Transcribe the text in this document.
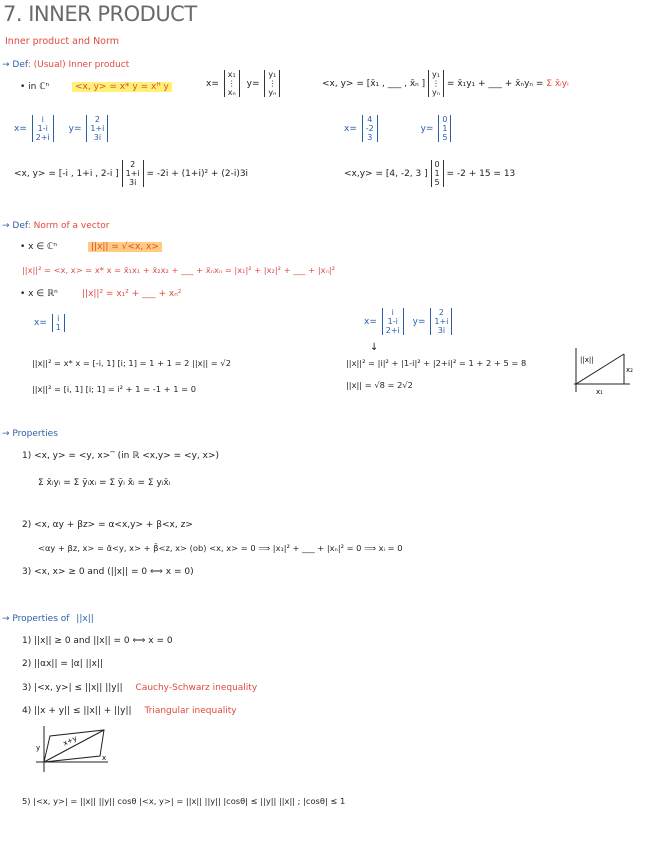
7. INNER PRODUCT
Inner product and Norm
→ Def: (Usual) Inner product
• in ℂⁿ	<x, y> = x* y = xᴴ y	x=
x₁
⋮
xₙ
y=
y₁
⋮
yₙ
<x, y> = [x̄₁ , ___ , x̄ₙ ]
y₁
⋮
yₙ
= x̄₁y₁ + ___ + x̄ₙyₙ = Σ x̄ᵢyᵢ
x=
i
1-i
2+i
y=
2
1+i
3i
x=
4
-2
3
y=
0
1
5
<x, y> = [-i , 1+i , 2-i ]
2
1+i
3i
= -2i + (1+i)² + (2-i)3i	<x,y> = [4, -2, 3 ]
0
1
5
= -2 + 15 = 13
→ Def: Norm of a vector
• x ∈ ℂⁿ	||x|| = √<x, x>
||x||² = <x, x> = x* x = x̄₁x₁ + x̄₂x₂ + ___ + x̄ₙxₙ = |x₁|² + |x₂|² + ___ + |xₙ|²
• x ∈ ℝⁿ	||x||² = x₁² + ___ + xₙ²
x= i
1
||x||² = x* x = [-i, 1] [i; 1] = 1 + 1 = 2 ||x|| = √2
||x||² = [i, 1] [i; 1] = i² + 1 = -1 + 1 = 0
x=
i
1-i
2+i
y=
2
1+i
3i
↓
||x||² = |i|² + |1-i|² + |2+i|² = 1 + 2 + 5 = 8
||x|| = √8 = 2√2
||x||
x₁
x₂
→ Properties
1) <x, y> = <y, x>‾ (in ℝ <x,y> = <y, x>)
Σ x̄ᵢyᵢ = Σ ȳᵢxᵢ = Σ ȳᵢ x̄̄ᵢ = Σ yᵢx̄ᵢ
2) <x, αy + βz> = α<x,y> + β<x, z>
<αy + βz, x> = ᾱ<y, x> + β̄<z, x> (ob) <x, x> = 0 ⟹ |x₁|² + ___ + |xₙ|² = 0 ⟹ xᵢ = 0
3) <x, x> ≥ 0 and (||x|| = 0 ⟺ x = 0)
→ Properties of ||x||
1) ||x|| ≥ 0 and ||x|| = 0 ⟺ x = 0
2) ||αx|| = |α| ||x||
3) |<x, y>| ≤ ||x|| ||y|| Cauchy-Schwarz inequality
4) ||x + y|| ≤ ||x|| + ||y|| Triangular inequality
y
x
x+y
5) |<x, y>| = ||x|| ||y|| cosθ |<x, y>| = ||x|| ||y|| |cosθ| ≤ ||y|| ||x|| ; |cosθ| ≤ 1
